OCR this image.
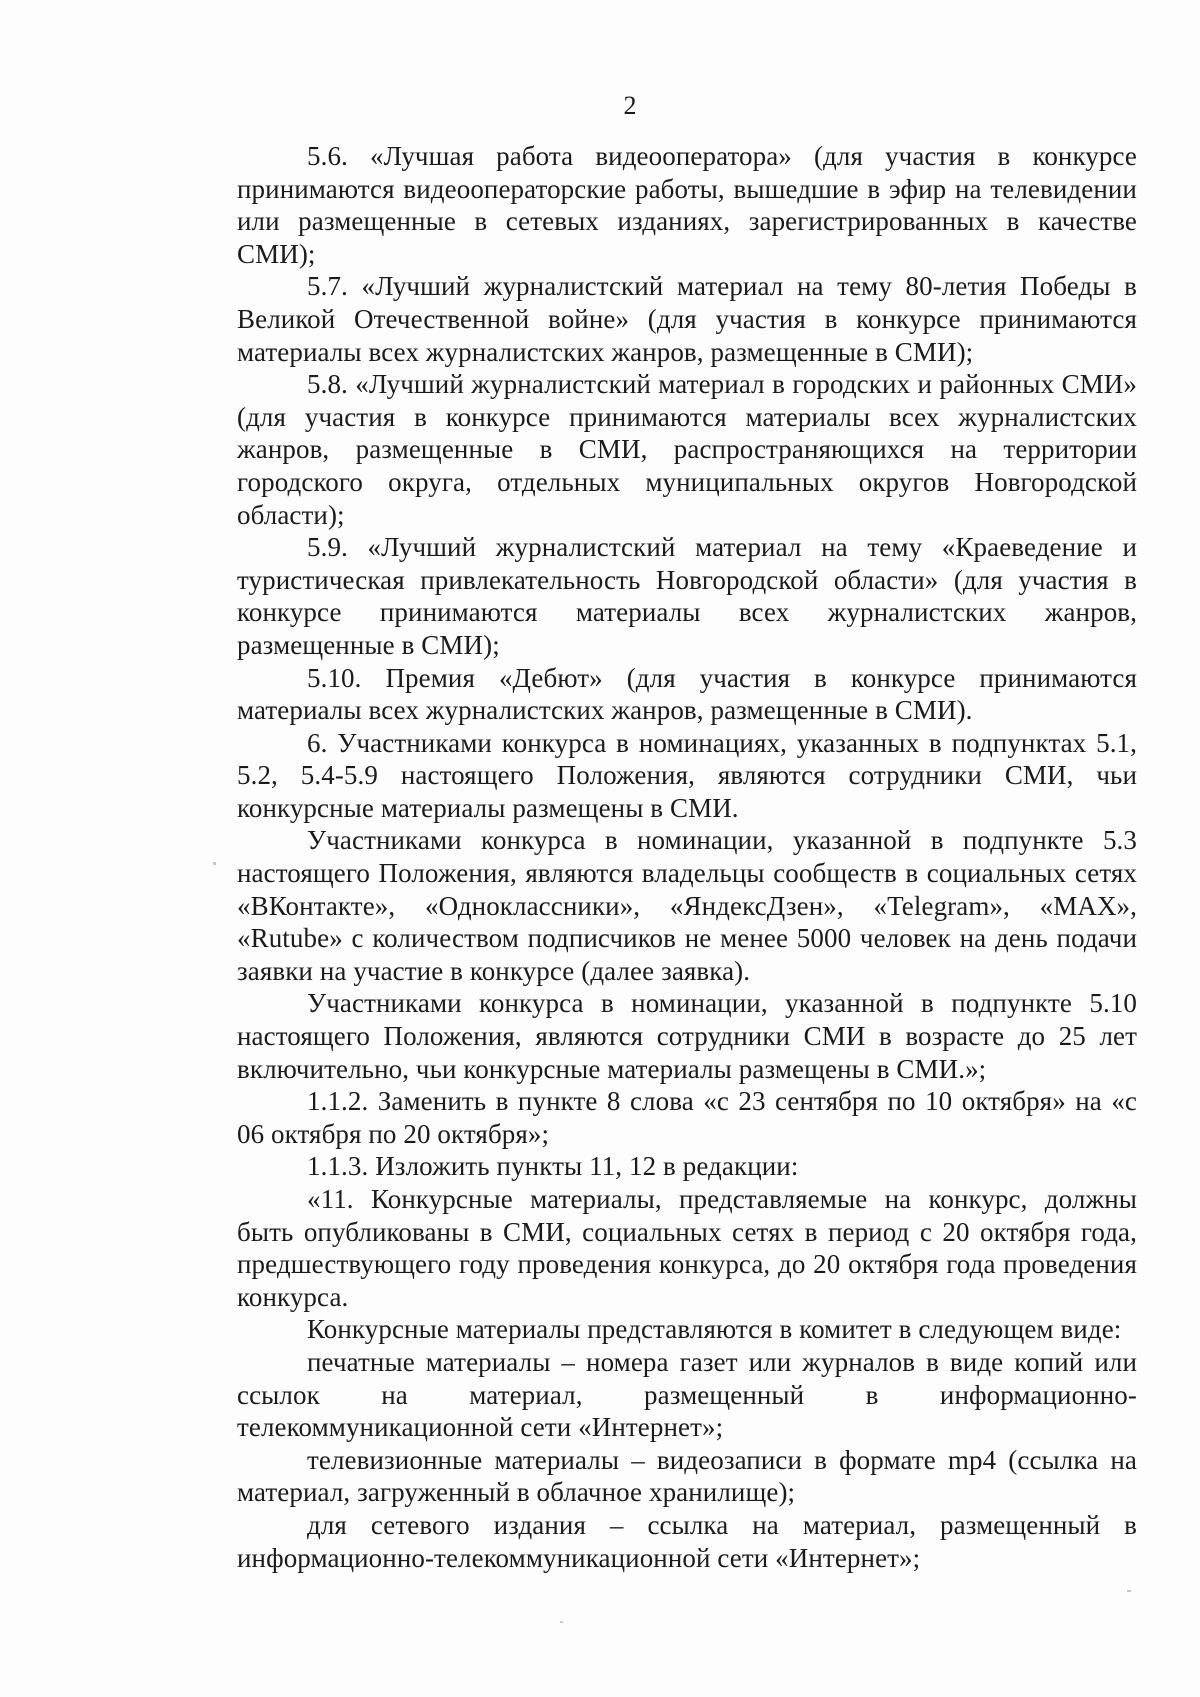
2

5.6. «Лучшая работа видеооператора» (для участия в конкурсе принимаются видеооператорские работы, вышедшие в эфир на телевидении или размещенные в сетевых изданиях, зарегистрированных в качестве СМИ);

5.7. «Лучший журналистский материал на тему 80-летия Победы в Великой Отечественной войне» (для участия в конкурсе принимаются материалы всех журналистских жанров, размещенные в СМИ);

5.8. «Лучший журналистский материал в городских и районных СМИ» (для участия в конкурсе принимаются материалы всех журналистских жанров, размещенные в СМИ, распространяющихся на территории городского округа, отдельных муниципальных округов Новгородской области);

5.9. «Лучший журналистский материал на тему «Краеведение и туристическая привлекательность Новгородской области» (для участия в конкурсе принимаются материалы всех журналистских жанров, размещенные в СМИ);

5.10. Премия «Дебют» (для участия в конкурсе принимаются материалы всех журналистских жанров, размещенные в СМИ).

6. Участниками конкурса в номинациях, указанных в подпунктах 5.1, 5.2, 5.4-5.9 настоящего Положения, являются сотрудники СМИ, чьи конкурсные материалы размещены в СМИ.

Участниками конкурса в номинации, указанной в подпункте 5.3 настоящего Положения, являются владельцы сообществ в социальных сетях «ВКонтакте», «Одноклассники», «ЯндексДзен», «Telegram», «MAX», «Rutube» с количеством подписчиков не менее 5000 человек на день подачи заявки на участие в конкурсе (далее заявка).

Участниками конкурса в номинации, указанной в подпункте 5.10 настоящего Положения, являются сотрудники СМИ в возрасте до 25 лет включительно, чьи конкурсные материалы размещены в СМИ.»;

1.1.2. Заменить в пункте 8 слова «с 23 сентября по 10 октября» на «с 06 октября по 20 октября»;

1.1.3. Изложить пункты 11, 12 в редакции:

«11. Конкурсные материалы, представляемые на конкурс, должны быть опубликованы в СМИ, социальных сетях в период с 20 октября года, предшествующего году проведения конкурса, до 20 октября года проведения конкурса.

Конкурсные материалы представляются в комитет в следующем виде:

печатные материалы – номера газет или журналов в виде копий или ссылок на материал, размещенный в информационно-телекоммуникационной сети «Интернет»;

телевизионные материалы – видеозаписи в формате mp4 (ссылка на материал, загруженный в облачное хранилище);

для сетевого издания – ссылка на материал, размещенный в информационно-телекоммуникационной сети «Интернет»;
